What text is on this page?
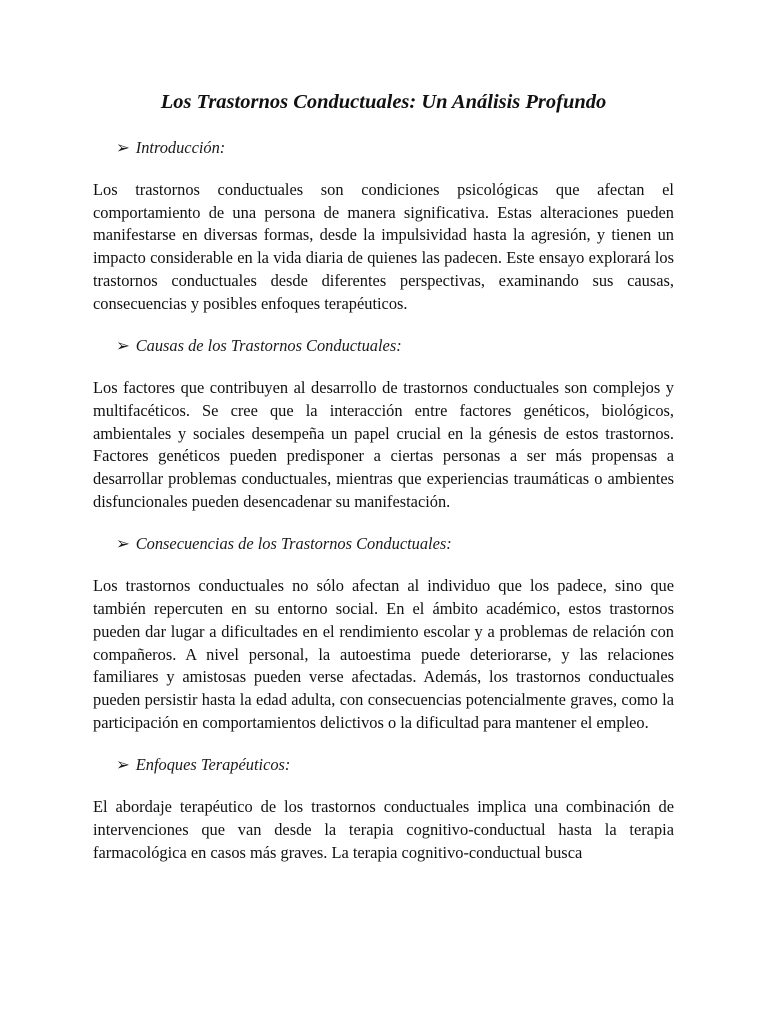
Los Trastornos Conductuales: Un Análisis Profundo
➢ Introducción:

Los trastornos conductuales son condiciones psicológicas que afectan el comportamiento de una persona de manera significativa. Estas alteraciones pueden manifestarse en diversas formas, desde la impulsividad hasta la agresión, y tienen un impacto considerable en la vida diaria de quienes las padecen. Este ensayo explorará los trastornos conductuales desde diferentes perspectivas, examinando sus causas, consecuencias y posibles enfoques terapéuticos.

➢ Causas de los Trastornos Conductuales:

Los factores que contribuyen al desarrollo de trastornos conductuales son complejos y multifacéticos. Se cree que la interacción entre factores genéticos, biológicos, ambientales y sociales desempeña un papel crucial en la génesis de estos trastornos. Factores genéticos pueden predisponer a ciertas personas a ser más propensas a desarrollar problemas conductuales, mientras que experiencias traumáticas o ambientes disfuncionales pueden desencadenar su manifestación.

➢ Consecuencias de los Trastornos Conductuales:

Los trastornos conductuales no sólo afectan al individuo que los padece, sino que también repercuten en su entorno social. En el ámbito académico, estos trastornos pueden dar lugar a dificultades en el rendimiento escolar y a problemas de relación con compañeros. A nivel personal, la autoestima puede deteriorarse, y las relaciones familiares y amistosas pueden verse afectadas. Además, los trastornos conductuales pueden persistir hasta la edad adulta, con consecuencias potencialmente graves, como la participación en comportamientos delictivos o la dificultad para mantener el empleo.

➢ Enfoques Terapéuticos:

El abordaje terapéutico de los trastornos conductuales implica una combinación de intervenciones que van desde la terapia cognitivo-conductual hasta la terapia farmacológica en casos más graves. La terapia cognitivo-conductual busca
